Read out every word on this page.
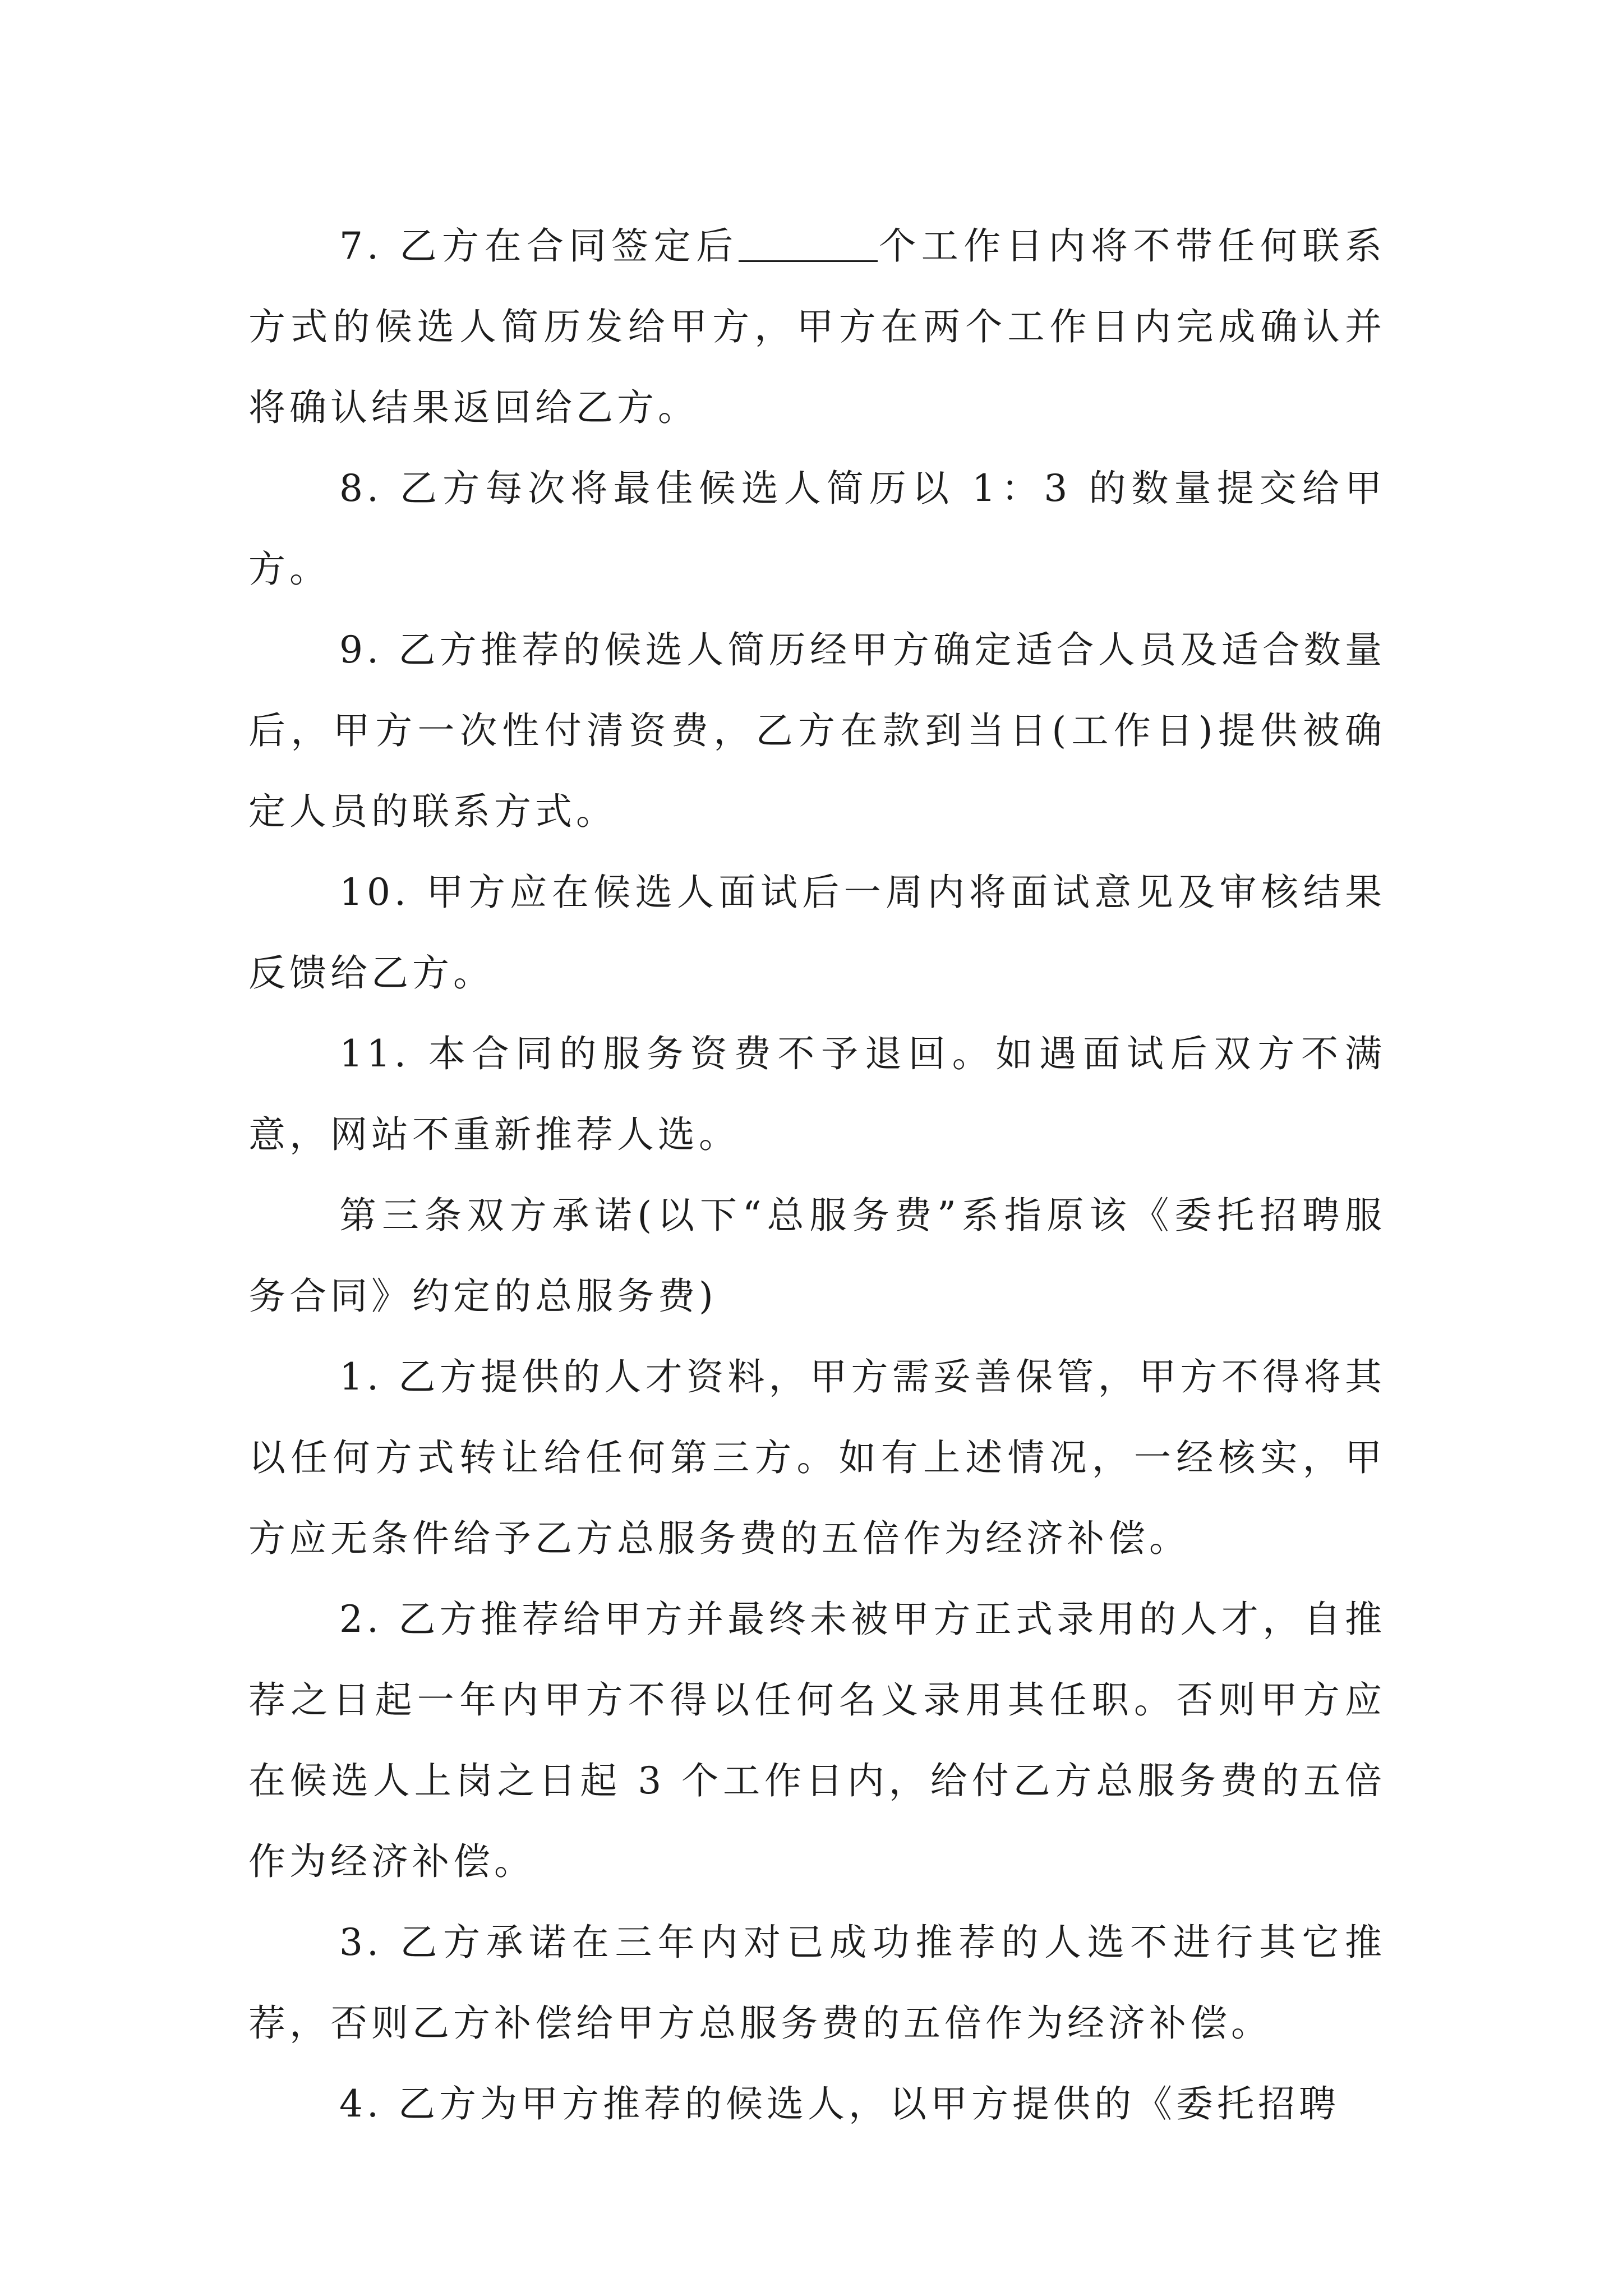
7. 乙方在合同签定后	个工作日内将不带任何联系方式的候选人简历发给甲方，甲方在两个工作日内完成确认并将确认结果返回给乙方。

8. 乙方每次将最佳候选人简历以 1：3 的数量提交给甲方。

9. 乙方推荐的候选人简历经甲方确定适合人员及适合数量后，甲方一次性付清资费，乙方在款到当日(工作日)提供被确定人员的联系方式。

10. 甲方应在候选人面试后一周内将面试意见及审核结果反馈给乙方。

11. 本合同的服务资费不予退回。如遇面试后双方不满意，网站不重新推荐人选。

第三条双方承诺(以下“总服务费”系指原该《委托招聘服务合同》约定的总服务费)

1. 乙方提供的人才资料，甲方需妥善保管，甲方不得将其以任何方式转让给任何第三方。如有上述情况，一经核实，甲方应无条件给予乙方总服务费的五倍作为经济补偿。

2. 乙方推荐给甲方并最终未被甲方正式录用的人才，自推荐之日起一年内甲方不得以任何名义录用其任职。否则甲方应在候选人上岗之日起 3 个工作日内，给付乙方总服务费的五倍作为经济补偿。

3. 乙方承诺在三年内对已成功推荐的人选不进行其它推荐，否则乙方补偿给甲方总服务费的五倍作为经济补偿。

4. 乙方为甲方推荐的候选人，以甲方提供的《委托招聘
